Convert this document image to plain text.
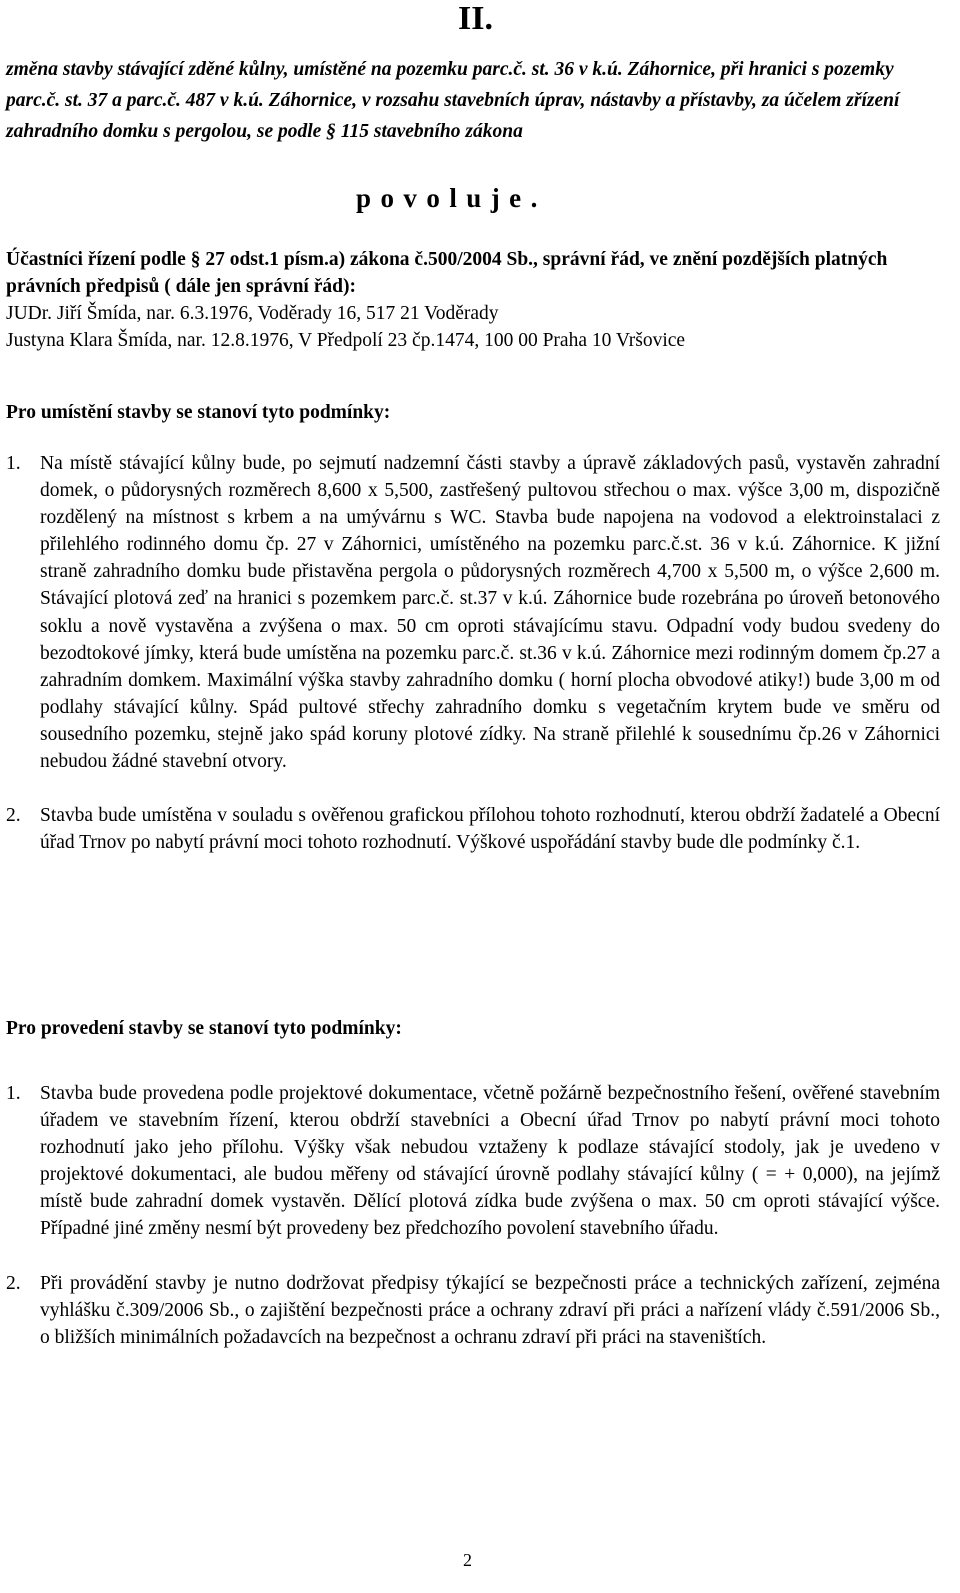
II.
změna stavby stávající zděné kůlny, umístěné na pozemku parc.č. st. 36 v k.ú. Záhornice, při hranici s pozemky parc.č. st. 37 a parc.č. 487 v k.ú. Záhornice, v rozsahu stavebních úprav, nástavby a přístavby, za účelem zřízení zahradního domku s pergolou, se podle § 115 stavebního zákona
p o v o l u j e .
Účastníci řízení podle § 27 odst.1 písm.a) zákona č.500/2004 Sb., správní řád, ve znění pozdějších platných právních předpisů ( dále jen správní řád):
JUDr. Jiří Šmída, nar. 6.3.1976, Voděrady 16, 517 21 Voděrady
Justyna Klara Šmída, nar. 12.8.1976, V Předpolí 23 čp.1474, 100 00 Praha 10 Vršovice
Pro umístění stavby se stanoví tyto podmínky:
1. Na místě stávající kůlny bude, po sejmutí nadzemní části stavby a úpravě základových pasů, vystavěn zahradní domek, o půdorysných rozměrech 8,600 x 5,500, zastřešený pultovou střechou o max. výšce 3,00 m, dispozičně rozdělený na místnost s krbem a na umývárnu s WC. Stavba bude napojena na vodovod a elektroinstalaci z přilehlého rodinného domu čp. 27 v Záhornici, umístěného na pozemku parc.č.st. 36 v k.ú. Záhornice. K jižní straně zahradního domku bude přistavěna pergola o půdorysných rozměrech 4,700 x 5,500 m, o výšce 2,600 m. Stávající plotová zeď na hranici s pozemkem parc.č. st.37 v k.ú. Záhornice bude rozebrána po úroveň betonového soklu a nově vystavěna a zvýšena o max. 50 cm oproti stávajícímu stavu. Odpadní vody budou svedeny do bezodtokové jímky, která bude umístěna na pozemku parc.č. st.36 v k.ú. Záhornice mezi rodinným domem čp.27 a zahradním domkem. Maximální výška stavby zahradního domku ( horní plocha obvodové atiky!) bude 3,00 m od podlahy stávající kůlny. Spád pultové střechy zahradního domku s vegetačním krytem bude ve směru od sousedního pozemku, stejně jako spád koruny plotové zídky. Na straně přilehlé k sousednímu čp.26 v Záhornici nebudou žádné stavební otvory.
2. Stavba bude umístěna v souladu s ověřenou grafickou přílohou tohoto rozhodnutí, kterou obdrží žadatelé a Obecní úřad Trnov po nabytí právní moci tohoto rozhodnutí. Výškové uspořádání stavby bude dle podmínky č.1.
Pro provedení stavby se stanoví tyto podmínky:
1. Stavba bude provedena podle projektové dokumentace, včetně požárně bezpečnostního řešení, ověřené stavebním úřadem ve stavebním řízení, kterou obdrží stavebníci a Obecní úřad Trnov po nabytí právní moci tohoto rozhodnutí jako jeho přílohu. Výšky však nebudou vztaženy k podlaze stávající stodoly, jak je uvedeno v projektové dokumentaci, ale budou měřeny od stávající úrovně podlahy stávající kůlny ( = + 0,000), na jejímž místě bude zahradní domek vystavěn. Dělící plotová zídka bude zvýšena o max. 50 cm oproti stávající výšce. Případné jiné změny nesmí být provedeny bez předchozího povolení stavebního úřadu.
2. Při provádění stavby je nutno dodržovat předpisy týkající se bezpečnosti práce a technických zařízení, zejména vyhlášku č.309/2006 Sb., o zajištění bezpečnosti práce a ochrany zdraví při práci a nařízení vlády č.591/2006 Sb., o bližších minimálních požadavcích na bezpečnost a ochranu zdraví při práci na staveništích.
2
